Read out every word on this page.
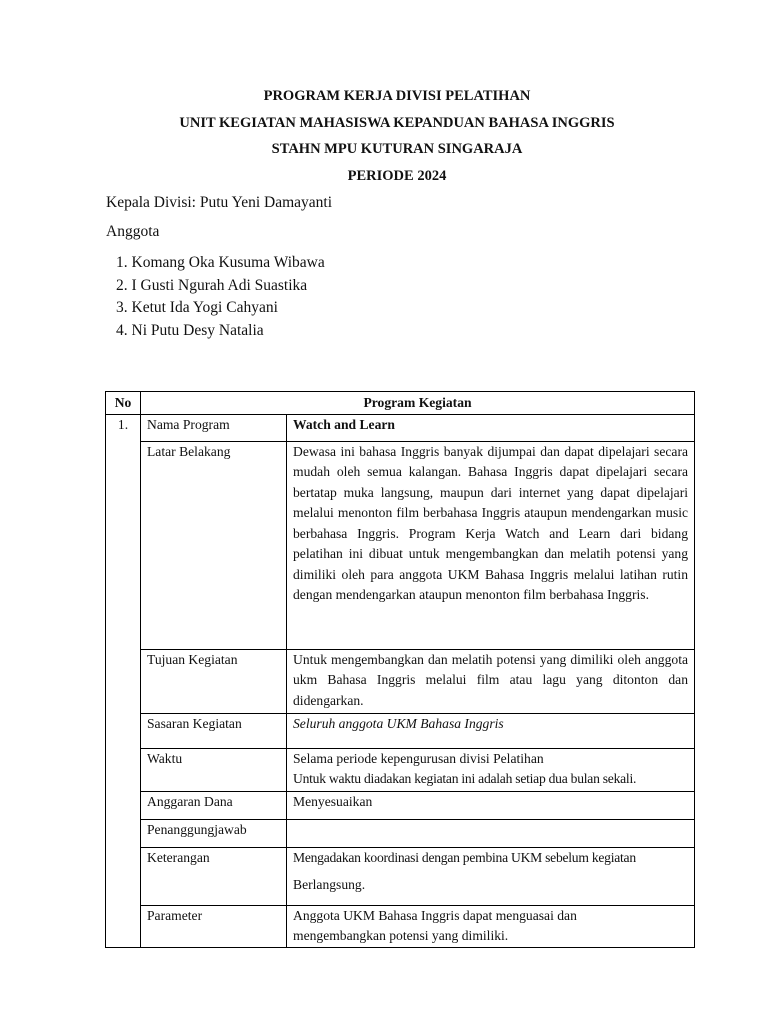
PROGRAM KERJA DIVISI PELATIHAN
UNIT KEGIATAN MAHASISWA KEPANDUAN BAHASA INGGRIS
STAHN MPU KUTURAN SINGARAJA
PERIODE 2024
Kepala Divisi: Putu Yeni Damayanti
Anggota
1. Komang Oka Kusuma Wibawa
2. I Gusti Ngurah Adi Suastika
3. Ketut Ida Yogi Cahyani
4. Ni Putu Desy Natalia
No	Program Kegiatan	
1.	Nama Program	Watch and Learn
	Latar Belakang	Dewasa ini bahasa Inggris banyak dijumpai dan dapat dipelajari secara mudah oleh semua kalangan. Bahasa Inggris dapat dipelajari secara bertatap muka langsung, maupun dari internet yang dapat dipelajari melalui menonton film berbahasa Inggris ataupun mendengarkan music berbahasa Inggris. Program Kerja Watch and Learn dari bidang pelatihan ini dibuat untuk mengembangkan dan melatih potensi yang dimiliki oleh para anggota UKM Bahasa Inggris melalui latihan rutin dengan mendengarkan ataupun menonton film berbahasa Inggris.
	Tujuan Kegiatan	Untuk mengembangkan dan melatih potensi yang dimiliki oleh anggota ukm Bahasa Inggris melalui film atau lagu yang ditonton dan didengarkan.
	Sasaran Kegiatan	Seluruh anggota UKM Bahasa Inggris
	Waktu	Selama periode kepengurusan divisi Pelatihan
Untuk waktu diadakan kegiatan ini adalah setiap dua bulan sekali.

	Anggaran Dana	Menyesuaikan
	Penanggungjawab	
	Keterangan	Mengadakan koordinasi dengan pembina UKM sebelum kegiatan
Berlangsung.

	Parameter	Anggota UKM Bahasa Inggris dapat menguasai dan
mengembangkan potensi yang dimiliki.
